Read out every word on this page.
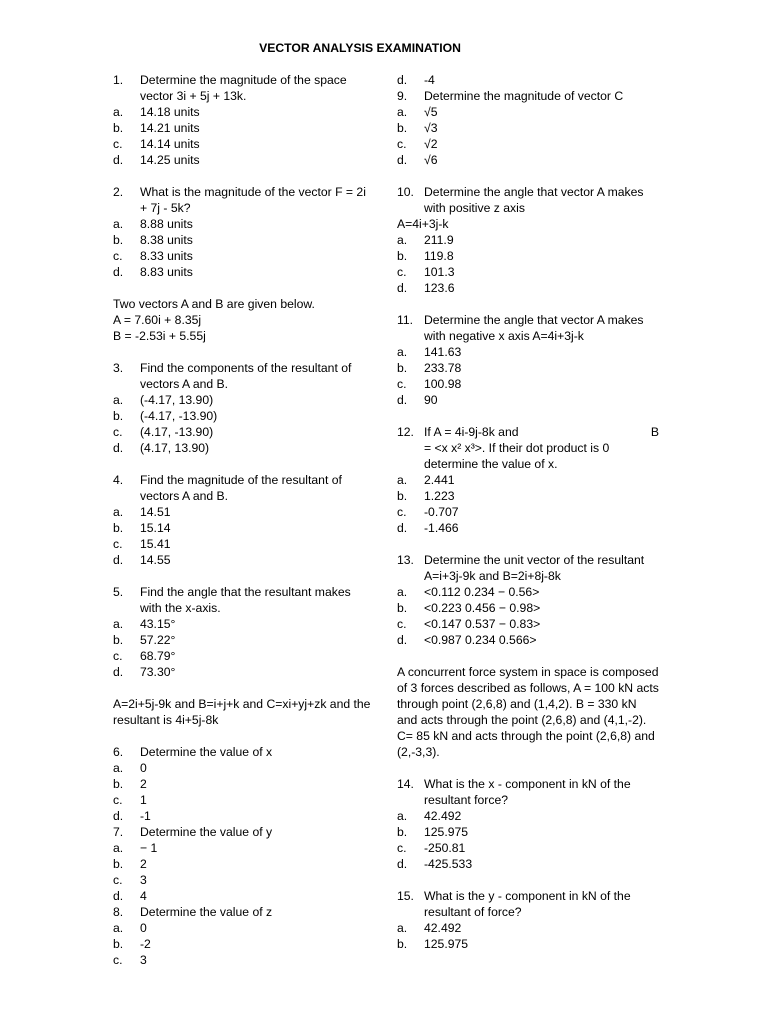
VECTOR ANALYSIS EXAMINATION
1.	Determine the magnitude of the space vector 3i + 5j + 13k.
a.	14.18 units
b.	14.21 units
c.	14.14 units
d.	14.25 units
2.	What is the magnitude of the vector F = 2i + 7j - 5k?
a.	8.88 units
b.	8.38 units
c.	8.33 units
d.	8.83 units
Two vectors A and B are given below.
A = 7.60i + 8.35j
B = -2.53i + 5.55j
3.	Find the components of the resultant of vectors A and B.
a.	(-4.17, 13.90)
b.	(-4.17, -13.90)
c.	(4.17, -13.90)
d.	(4.17, 13.90)
4.	Find the magnitude of the resultant of vectors A and B.
a.	14.51
b.	15.14
c.	15.41
d.	14.55
5.	Find the angle that the resultant makes with the x-axis.
a.	43.15°
b.	57.22°
c.	68.79°
d.	73.30°
A=2i+5j-9k and B=i+j+k and C=xi+yj+zk and the resultant is 4i+5j-8k
6.	Determine the value of x
a.	0
b.	2
c.	1
d.	-1
7.	Determine the value of y
a.	− 1
b.	2
c.	3
d.	4
8.	Determine the value of z
a.	0
b.	-2
c.	3
d.	-4
9.	Determine the magnitude of vector C
a.	√5
b.	√3
c.	√2
d.	√6
10. Determine the angle that vector A makes with positive z axis
A=4i+3j-k
a.	211.9
b.	119.8
c.	101.3
d.	123.6
11. Determine the angle that vector A makes with negative x axis A=4i+3j-k
a.	141.63
b.	233.78
c.	100.98
d.	90
12.	B
If A = 4i-9j-8k and
= <x x² x³>. If their dot product is 0 determine the value of x.
a.	2.441
b.	1.223
c.	-0.707
d.	-1.466
13. Determine the unit vector of the resultant A=i+3j-9k and B=2i+8j-8k
a.	<0.112 0.234 − 0.56>
b.	<0.223 0.456 − 0.98>
c.	<0.147 0.537 − 0.83>
d.	<0.987 0.234 0.566>
A concurrent force system in space is composed of 3 forces described as follows, A = 100 kN acts through point (2,6,8) and (1,4,2). B = 330 kN and acts through the point (2,6,8) and (4,1,-2). C= 85 kN and acts through the point (2,6,8) and (2,-3,3).
14. What is the x - component in kN of the resultant force?
a.	42.492
b.	125.975
c.	-250.81
d.	-425.533
15. What is the y - component in kN of the resultant of force?
a.	42.492
b.	125.975
